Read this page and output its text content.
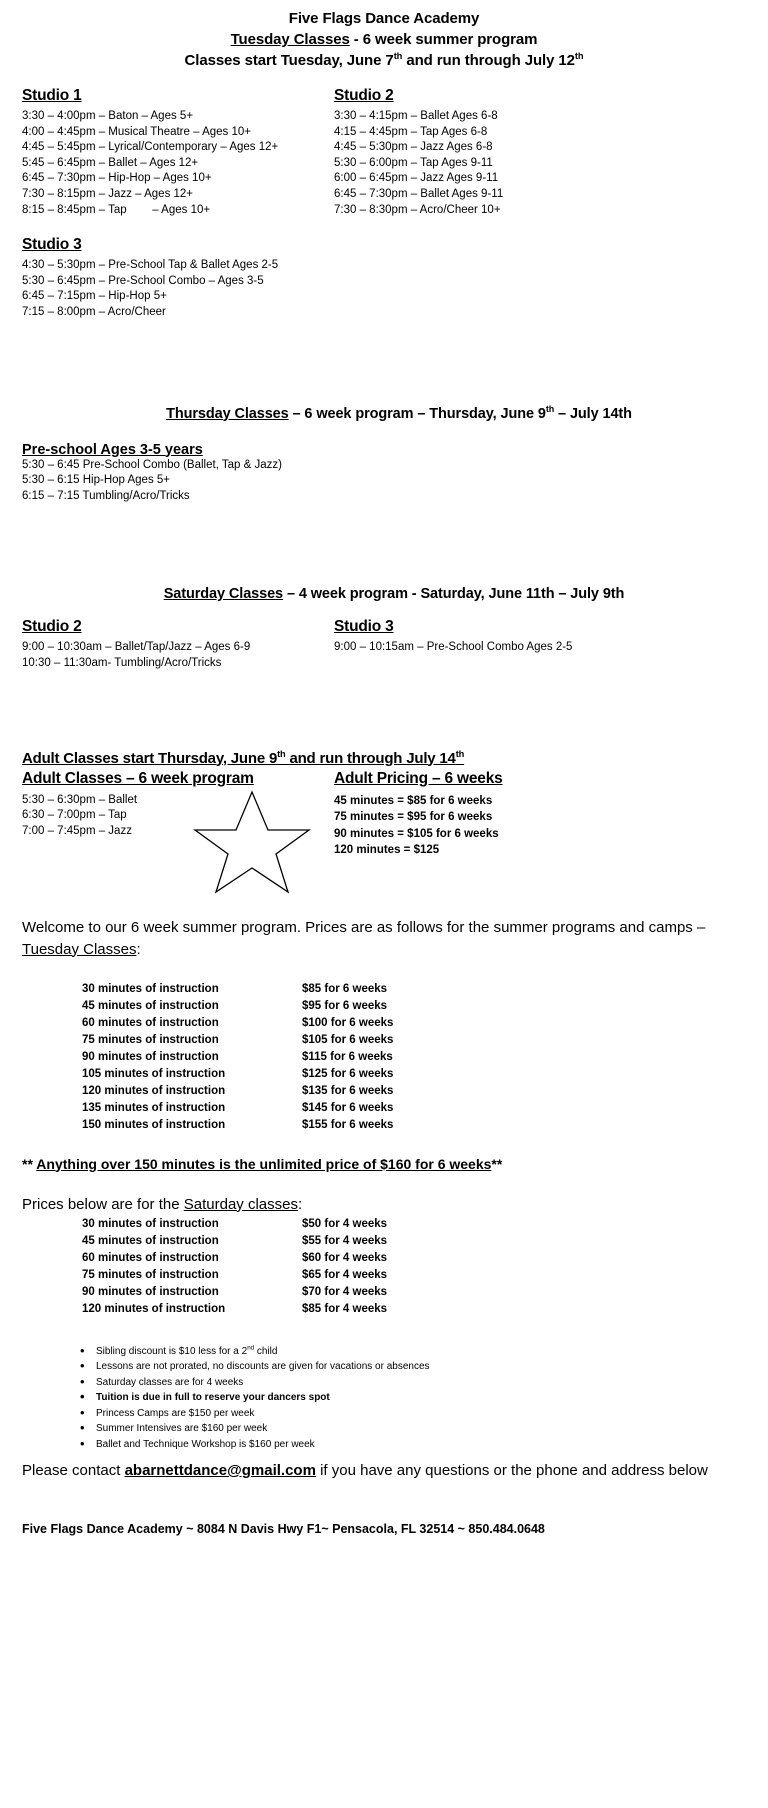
Five Flags Dance Academy
Tuesday Classes - 6 week summer program
Classes start Tuesday, June 7th and run through July 12th
Studio 1
3:30 – 4:00pm – Baton – Ages 5+
4:00 – 4:45pm – Musical Theatre – Ages 10+
4:45 – 5:45pm – Lyrical/Contemporary – Ages 12+
5:45 – 6:45pm – Ballet – Ages 12+
6:45 – 7:30pm – Hip-Hop – Ages 10+
7:30 – 8:15pm – Jazz – Ages 12+
8:15 – 8:45pm – Tap        – Ages 10+
Studio 2
3:30 – 4:15pm – Ballet Ages 6-8
4:15 – 4:45pm – Tap Ages 6-8
4:45 – 5:30pm – Jazz Ages 6-8
5:30 – 6:00pm – Tap Ages 9-11
6:00 – 6:45pm – Jazz Ages 9-11
6:45 – 7:30pm – Ballet Ages 9-11
7:30 – 8:30pm – Acro/Cheer 10+
Studio 3
4:30 – 5:30pm – Pre-School Tap & Ballet Ages 2-5
5:30 – 6:45pm – Pre-School Combo – Ages 3-5
6:45 – 7:15pm – Hip-Hop 5+
7:15 – 8:00pm – Acro/Cheer
Thursday Classes – 6 week program – Thursday, June 9th – July 14th
Pre-school Ages 3-5 years
5:30 – 6:45 Pre-School Combo (Ballet, Tap & Jazz)
5:30 – 6:15 Hip-Hop Ages 5+
6:15 – 7:15 Tumbling/Acro/Tricks
Saturday Classes – 4 week program - Saturday, June 11th – July 9th
Studio 2
9:00 – 10:30am – Ballet/Tap/Jazz – Ages 6-9
10:30 – 11:30am- Tumbling/Acro/Tricks
Studio 3
9:00 – 10:15am – Pre-School Combo Ages 2-5
Adult Classes start Thursday, June 9th and run through July 14th
Adult Classes – 6 week program
5:30 – 6:30pm – Ballet
6:30 – 7:00pm – Tap
7:00 – 7:45pm – Jazz
Adult Pricing – 6 weeks
45 minutes = $85 for 6 weeks
75 minutes = $95 for 6 weeks
90 minutes = $105 for 6 weeks
120 minutes = $125
Welcome to our 6 week summer program. Prices are as follows for the summer programs and camps – Tuesday Classes:
30 minutes of instruction	$85 for 6 weeks
45 minutes of instruction	$95 for 6 weeks
60 minutes of instruction	$100 for 6 weeks
75 minutes of instruction	$105 for 6 weeks
90 minutes of instruction	$115 for 6 weeks
105 minutes of instruction	$125 for 6 weeks
120 minutes of instruction	$135 for 6 weeks
135 minutes of instruction	$145 for 6 weeks
150 minutes of instruction	$155 for 6 weeks
** Anything over 150 minutes is the unlimited price of $160 for 6 weeks**
Prices below are for the Saturday classes:
30 minutes of instruction	$50 for 4 weeks
45 minutes of instruction	$55 for 4 weeks
60 minutes of instruction	$60 for 4 weeks
75 minutes of instruction	$65 for 4 weeks
90 minutes of instruction	$70 for 4 weeks
120 minutes of instruction	$85 for 4 weeks
• Sibling discount is $10 less for a 2nd child
• Lessons are not prorated, no discounts are given for vacations or absences
• Saturday classes are for 4 weeks
• Tuition is due in full to reserve your dancers spot
• Princess Camps are $150 per week
• Summer Intensives are $160 per week
• Ballet and Technique Workshop is $160 per week
Please contact abarnettdance@gmail.com if you have any questions or the phone and address below
Five Flags Dance Academy ~ 8084 N Davis Hwy F1~ Pensacola, FL 32514 ~ 850.484.0648
